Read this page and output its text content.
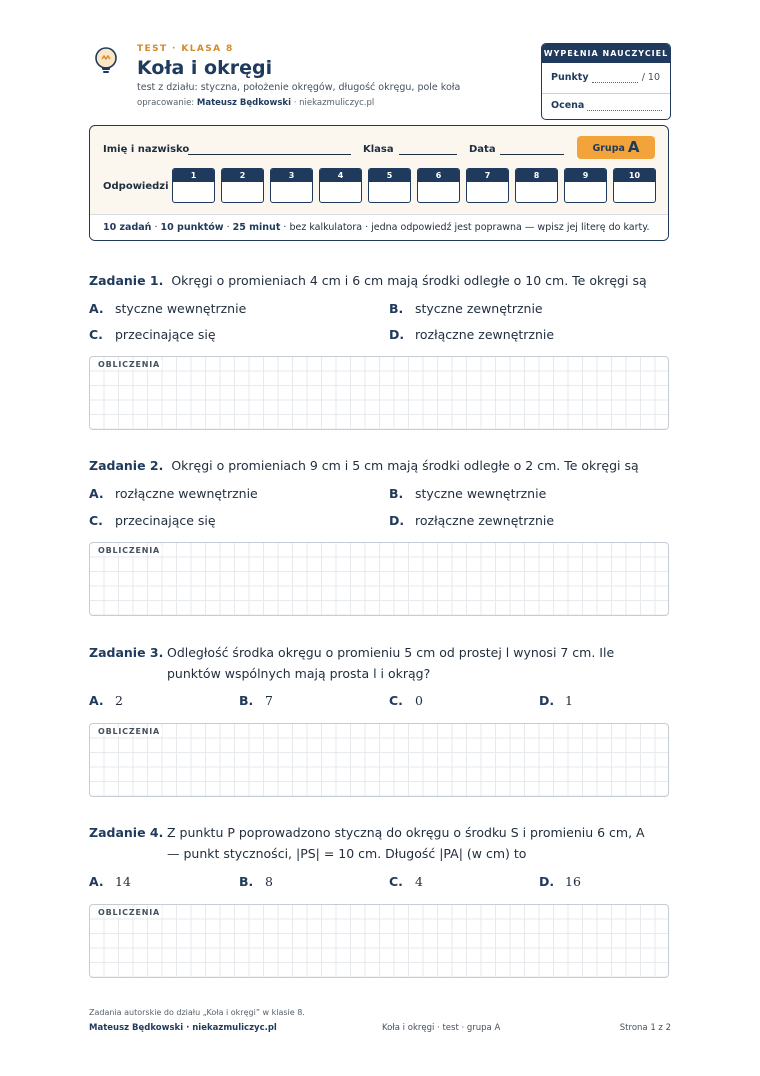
TEST · KLASA 8
Koła i okręgi
test z działu: styczna, położenie okręgów, długość okręgu, pole koła
opracowanie: Mateusz Będkowski · niekazmuliczyc.pl
WYPEŁNIA NAUCZYCIEL
Punkty	/ 10
Ocena
Imię i nazwisko	Klasa	Data	Grupa A
Odpowiedzi
1	2	3	4	5	6	7	8	9	10
10 zadań · 10 punktów · 25 minut · bez kalkulatora · jedna odpowiedź jest poprawna — wpisz jej literę do karty.
Zadanie 1. Okręgi o promieniach 4 cm i 6 cm mają środki odległe o 10 cm. Te okręgi są
A. styczne wewnętrznie	B. styczne zewnętrznie
C. przecinające się	D. rozłączne zewnętrznie
OBLICZENIA
Zadanie 2. Okręgi o promieniach 9 cm i 5 cm mają środki odległe o 2 cm. Te okręgi są
A. rozłączne wewnętrznie	B. styczne wewnętrznie
C. przecinające się	D. rozłączne zewnętrznie
OBLICZENIA
Zadanie 3. Odległość środka okręgu o promieniu 5 cm od prostej l wynosi 7 cm. Ile
punktów wspólnych mają prosta l i okrąg?
A. 2	B. 7	C. 0	D. 1
OBLICZENIA
Zadanie 4. Z punktu P poprowadzono styczną do okręgu o środku S i promieniu 6 cm, A
— punkt styczności, |PS| = 10 cm. Długość |PA| (w cm) to
A. 14	B. 8	C. 4	D. 16
OBLICZENIA
Zadania autorskie do działu „Koła i okręgi” w klasie 8.
Mateusz Będkowski · niekazmuliczyc.pl	Koła i okręgi · test · grupa A	Strona 1 z 2
